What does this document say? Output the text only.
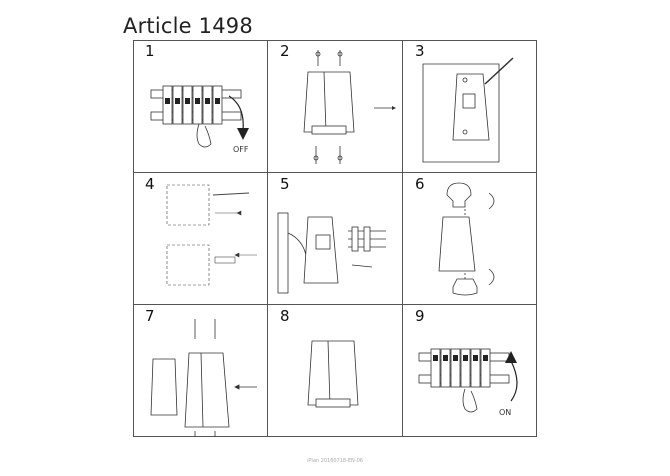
Article 1498
1
OFF
2	3
4	5	6
7	8	9
ON
iPlan 20160718-EN-06
